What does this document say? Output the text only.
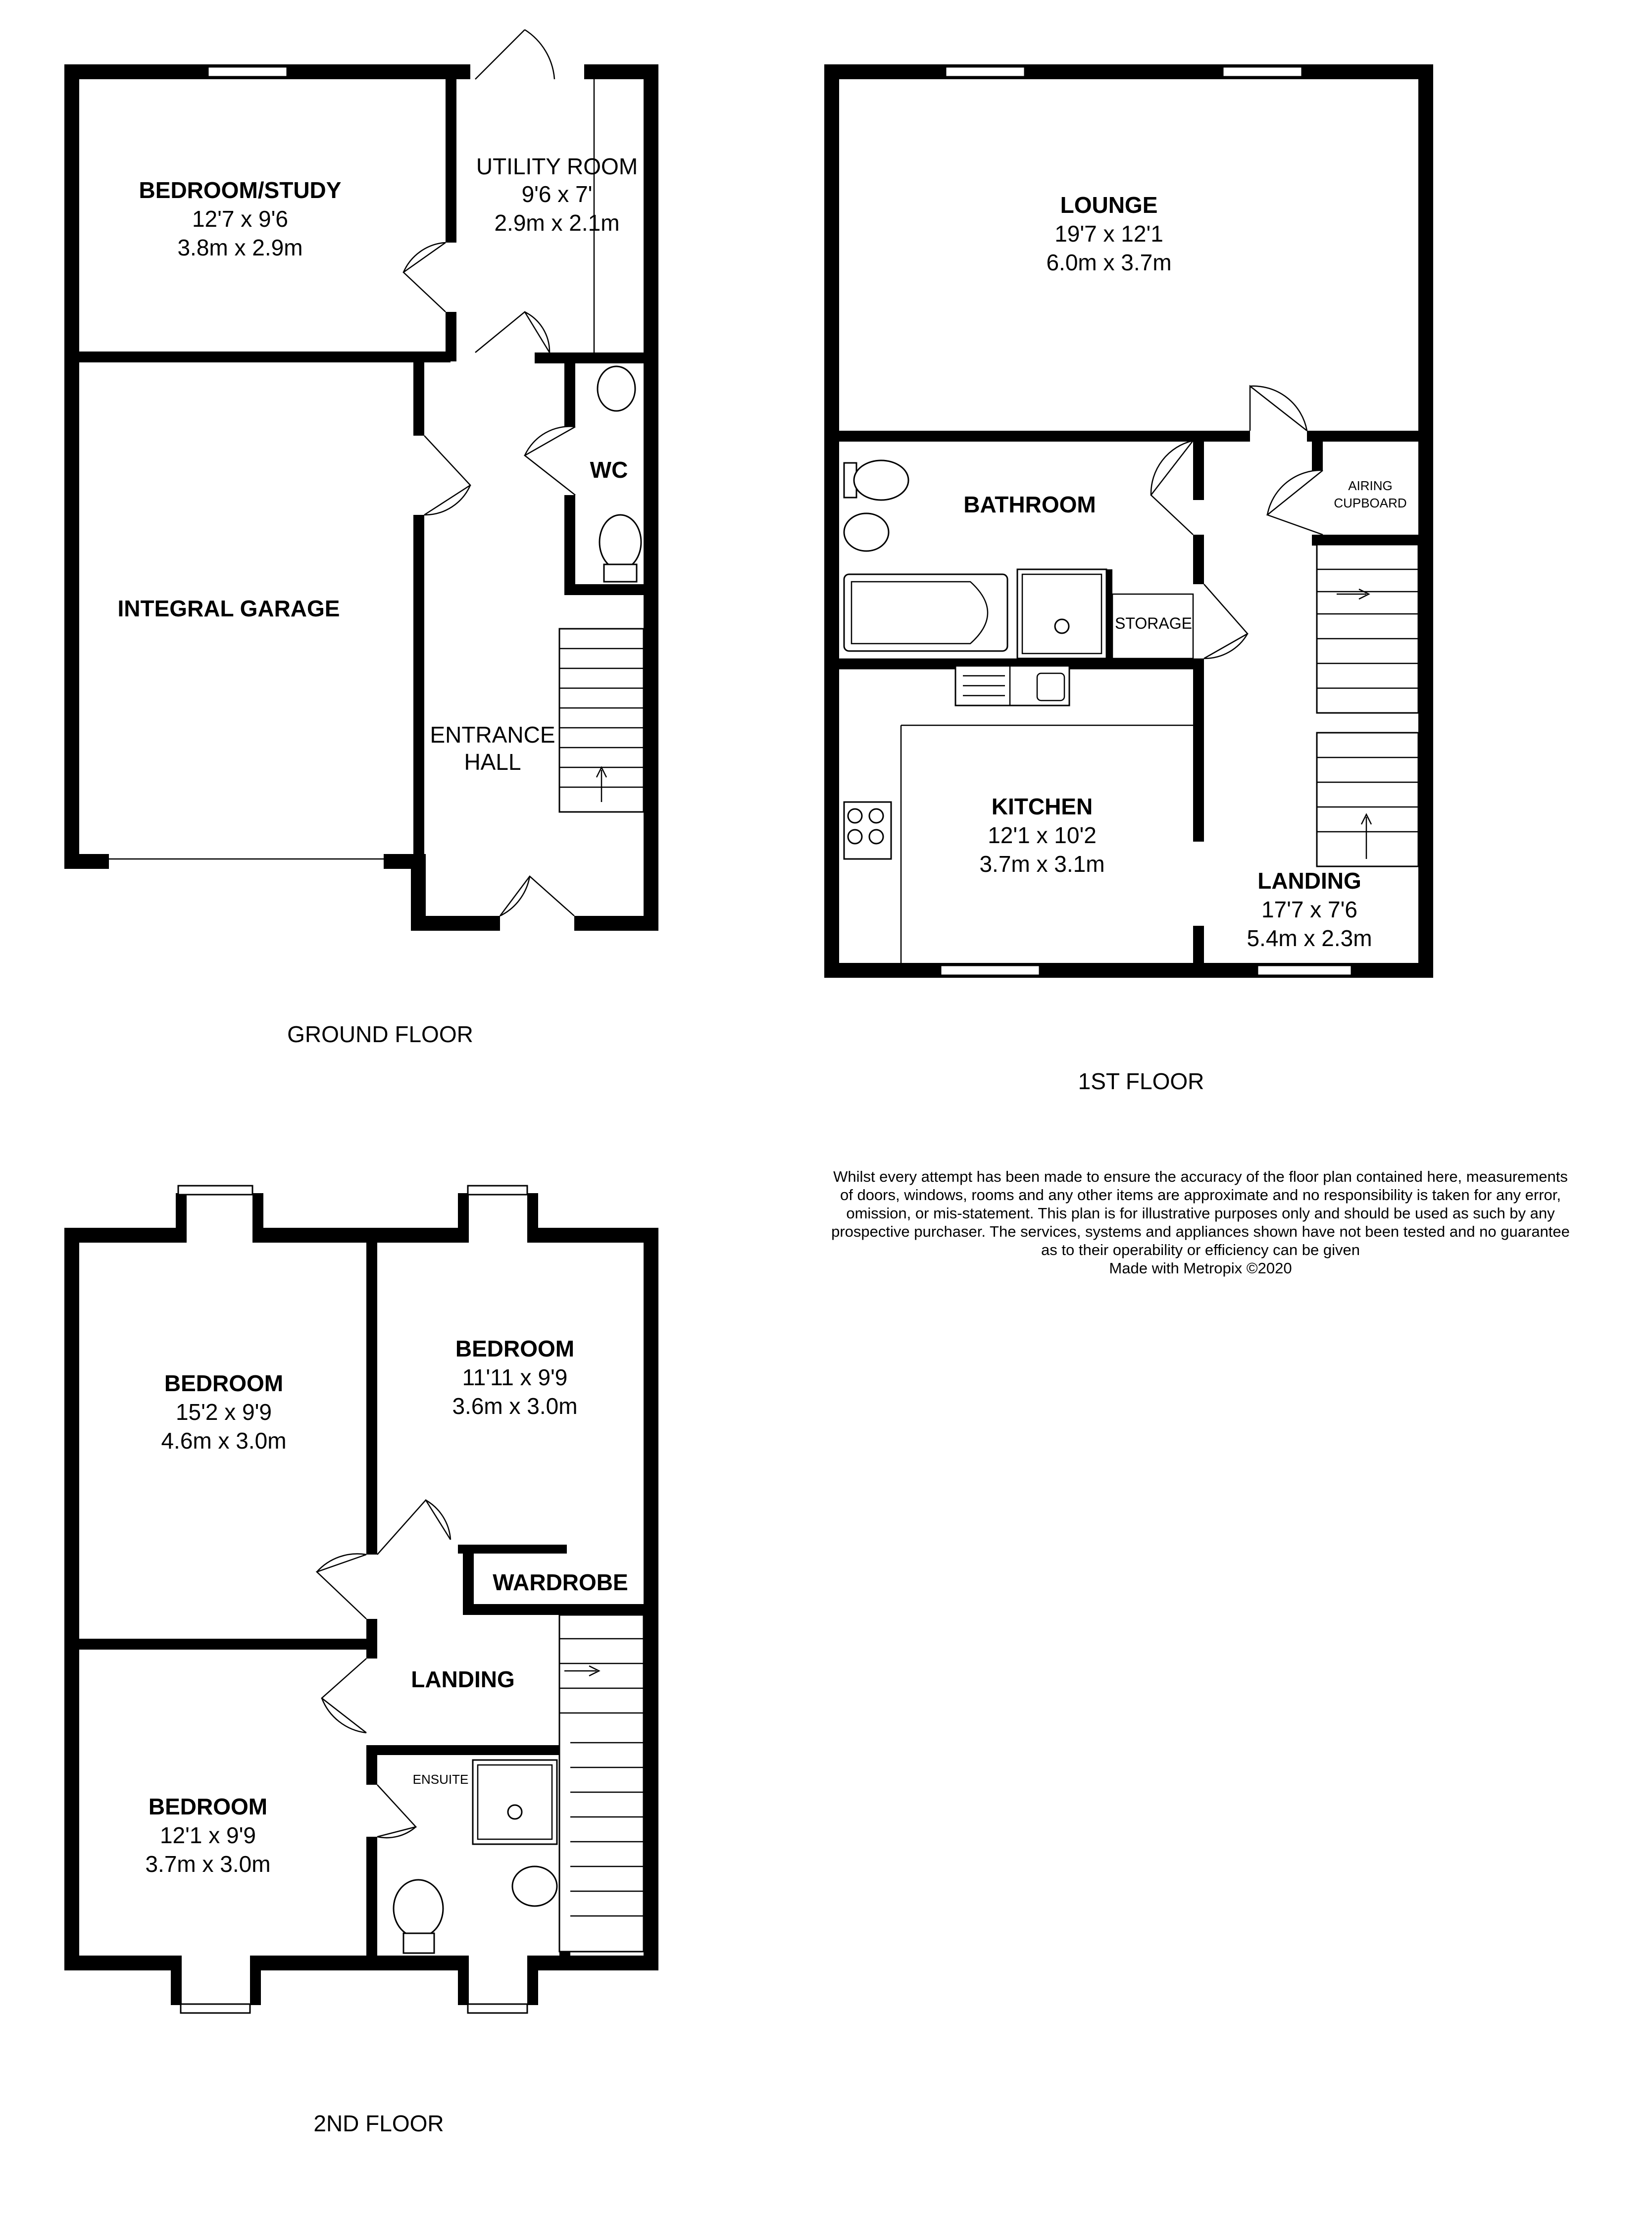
BEDROOM/STUDY
12'7 x 9'6
3.8m x 2.9m
UTILITY ROOM
9'6 x 7'
2.9m x 2.1m
WC
INTEGRAL GARAGE
ENTRANCE
HALL
GROUND FLOOR
LOUNGE
19'7 x 12'1
6.0m x 3.7m
BATHROOM
AIRING
CUPBOARD
STORAGE
KITCHEN
12'1 x 10'2
3.7m x 3.1m
LANDING
17'7 x 7'6
5.4m x 2.3m
1ST FLOOR
BEDROOM
15'2 x 9'9
4.6m x 3.0m
BEDROOM
11'11 x 9'9
3.6m x 3.0m
WARDROBE
LANDING
BEDROOM
12'1 x 9'9
3.7m x 3.0m
ENSUITE
2ND FLOOR

Whilst every attempt has been made to ensure the accuracy of the floor plan contained here, measurements

of doors, windows, rooms and any other items are approximate and no responsibility is taken for any error,

omission, or mis-statement. This plan is for illustrative purposes only and should be used as such by any

prospective purchaser. The services, systems and appliances shown have not been tested and no guarantee

as to their operability or efficiency can be given

Made with Metropix ©2020
